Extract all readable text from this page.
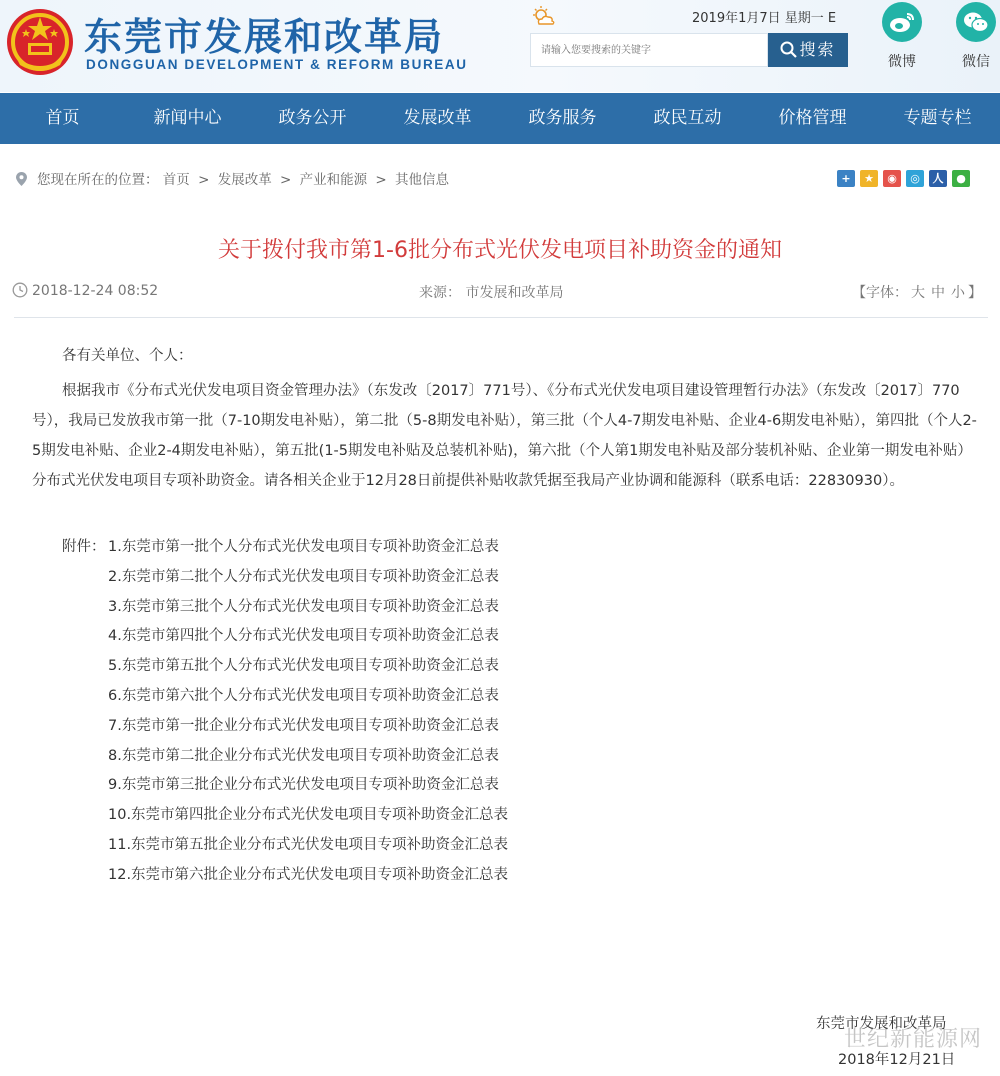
东莞市发展和改革局
DONGGUAN DEVELOPMENT & REFORM BUREAU
2019年1月7日 星期一 E
请输入您要搜索的关键字
搜索
微博	微信
首页	新闻中心	政务公开	发展改革	政务服务	政民互动	价格管理	专题专栏
您现在所在的位置： 首页 > 发展改革 > 产业和能源 > 其他信息	+	★	◉	◎	人	●
关于拨付我市第1-6批分布式光伏发电项目补助资金的通知
2018-12-24 08:52	来源： 市发展和改革局	【字体： 大 中 小 】
各有关单位、个人：
根据我市《分布式光伏发电项目资金管理办法》（东发改〔2017〕771号）、《分布式光伏发电项目建设管理暂行办法》（东发改〔2017〕770号），我局已发放我市第一批（7-10期发电补贴），第二批（5-8期发电补贴），第三批（个人4-7期发电补贴、企业4-6期发电补贴），第四批（个人2-5期发电补贴、企业2-4期发电补贴），第五批(1-5期发电补贴及总装机补贴)，第六批（个人第1期发电补贴及部分装机补贴、企业第一期发电补贴）分布式光伏发电项目专项补助资金。请各相关企业于12月28日前提供补贴收款凭据至我局产业协调和能源科（联系电话：22830930）。
附件： 1.东莞市第一批个人分布式光伏发电项目专项补助资金汇总表
2.东莞市第二批个人分布式光伏发电项目专项补助资金汇总表
3.东莞市第三批个人分布式光伏发电项目专项补助资金汇总表
4.东莞市第四批个人分布式光伏发电项目专项补助资金汇总表
5.东莞市第五批个人分布式光伏发电项目专项补助资金汇总表
6.东莞市第六批个人分布式光伏发电项目专项补助资金汇总表
7.东莞市第一批企业分布式光伏发电项目专项补助资金汇总表
8.东莞市第二批企业分布式光伏发电项目专项补助资金汇总表
9.东莞市第三批企业分布式光伏发电项目专项补助资金汇总表
10.东莞市第四批企业分布式光伏发电项目专项补助资金汇总表
11.东莞市第五批企业分布式光伏发电项目专项补助资金汇总表
12.东莞市第六批企业分布式光伏发电项目专项补助资金汇总表
世纪新能源网
东莞市发展和改革局
2018年12月21日
